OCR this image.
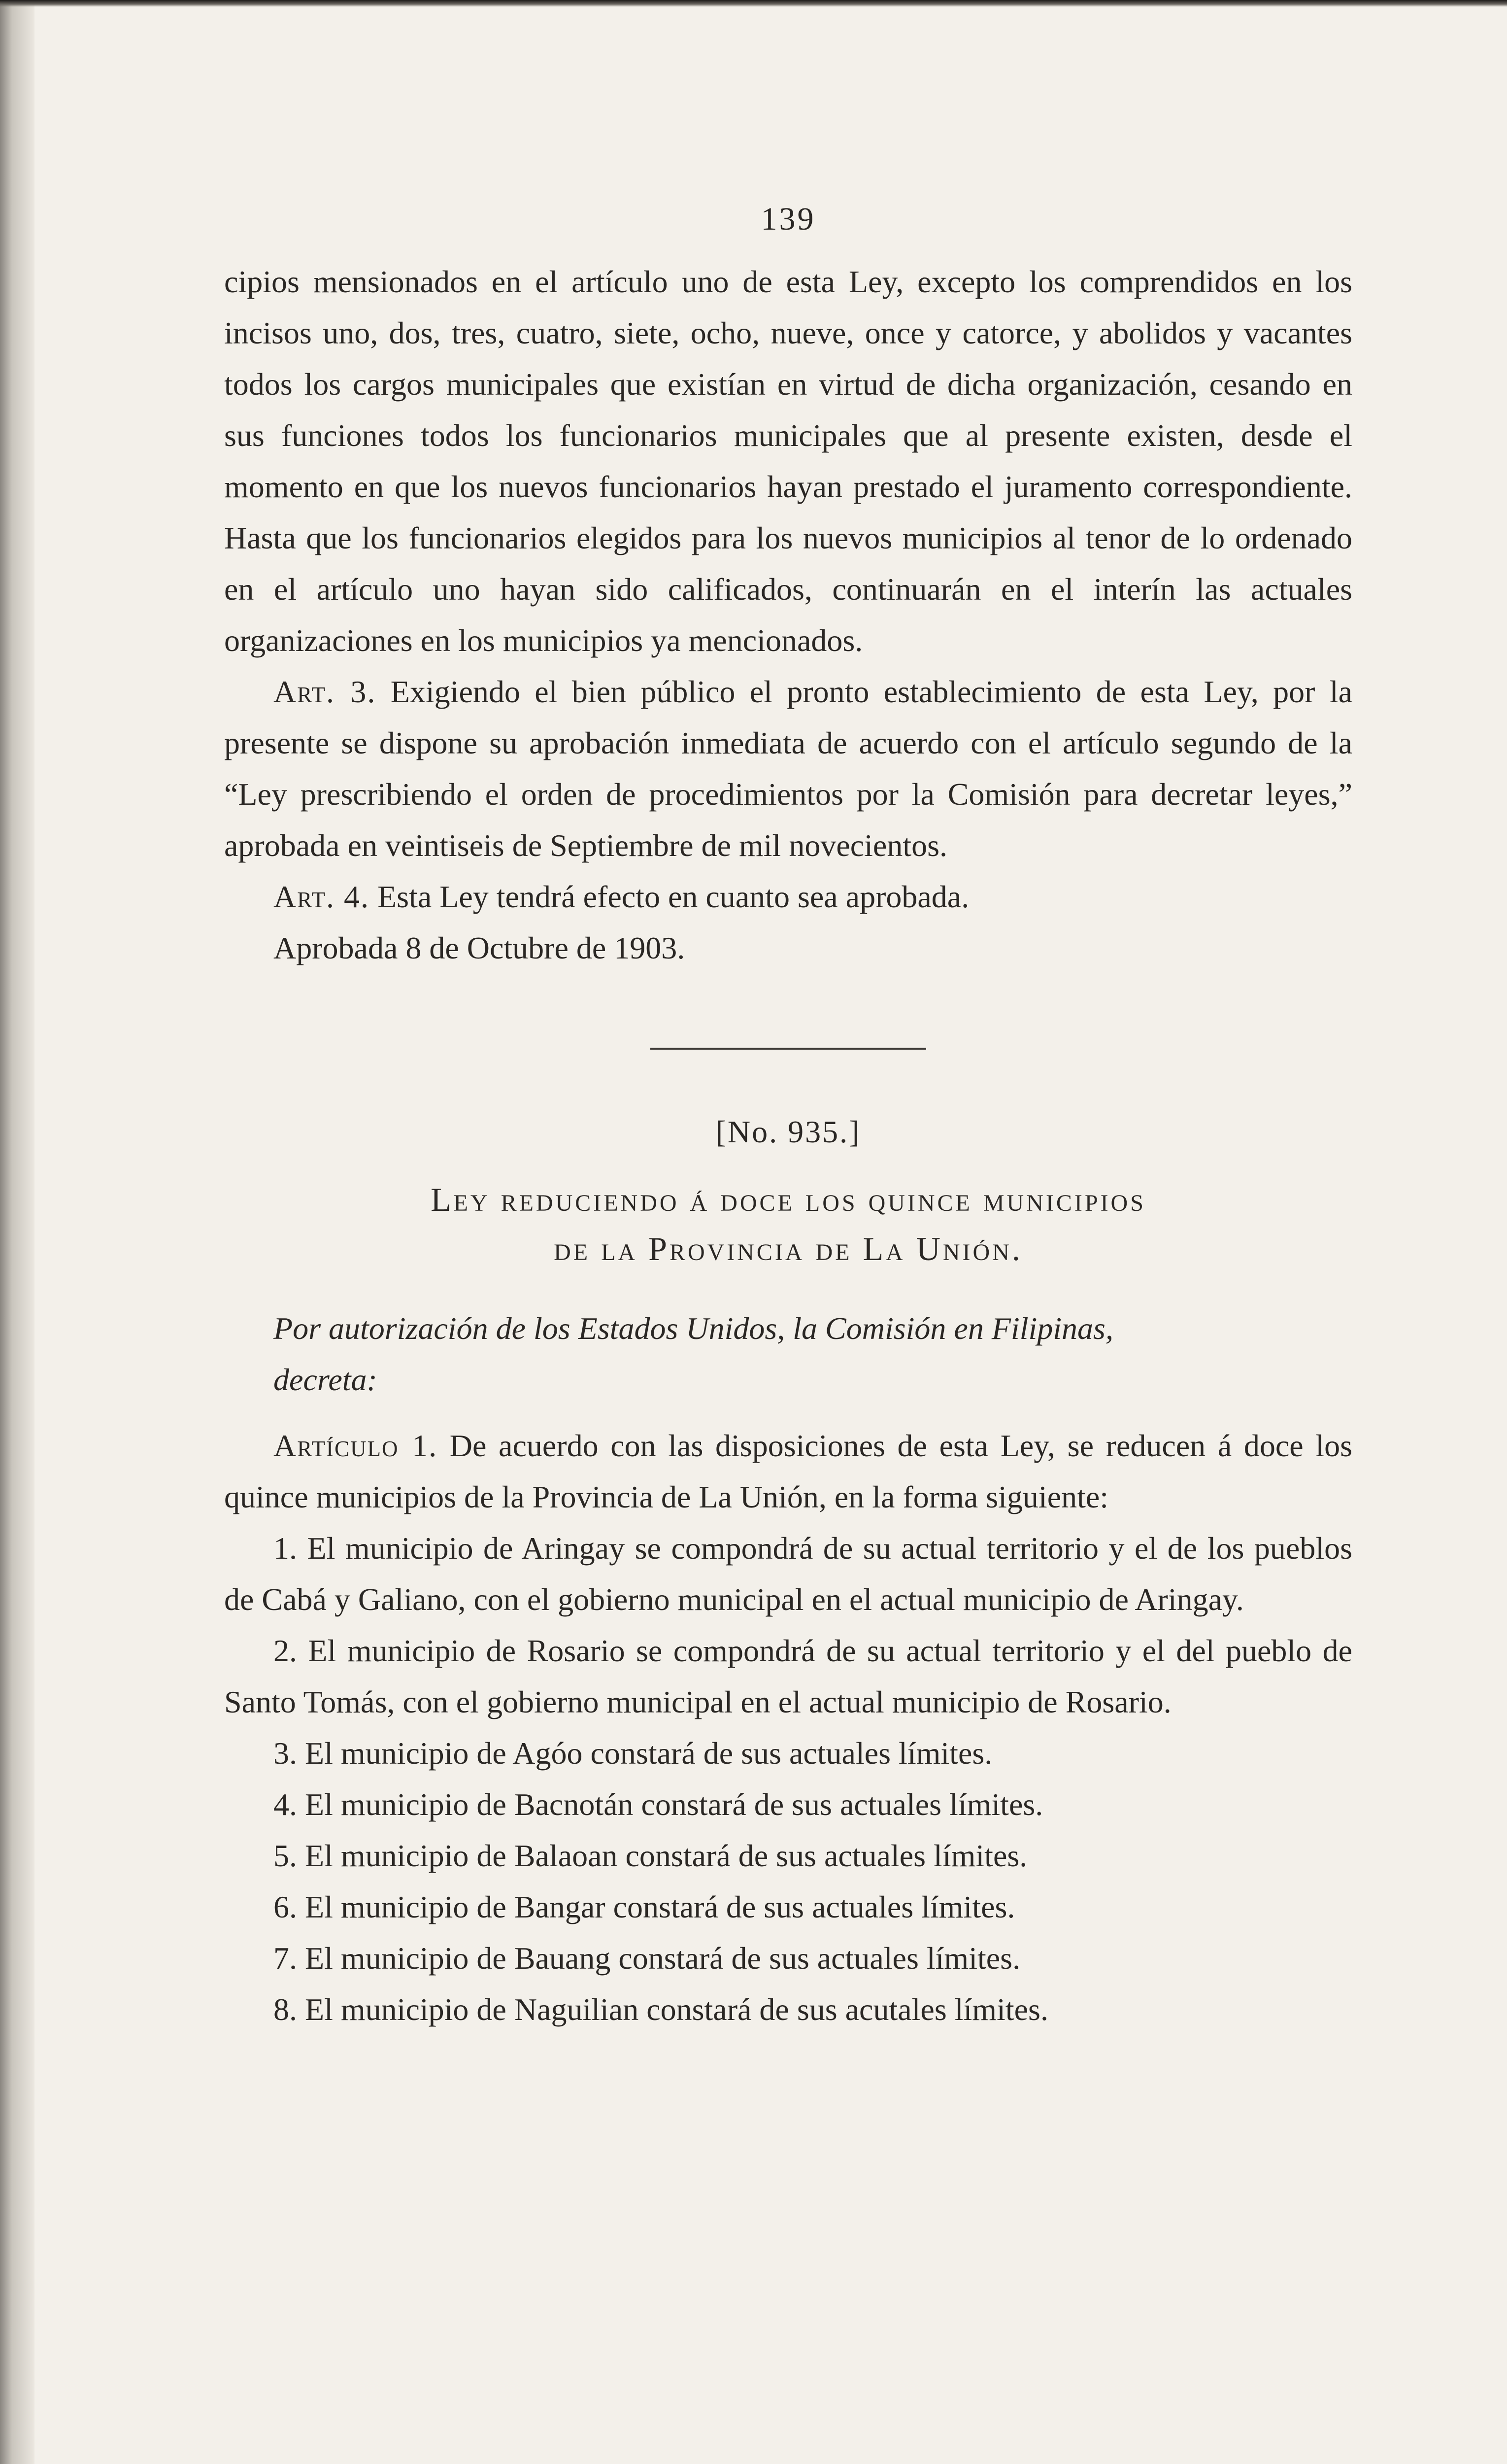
139

cipios mensionados en el artículo uno de esta Ley, excepto los comprendidos en los incisos uno, dos, tres, cuatro, siete, ocho, nueve, once y catorce, y abolidos y vacantes todos los cargos municipales que existían en virtud de dicha organización, cesando en sus funciones todos los funcionarios municipales que al presente existen, desde el momento en que los nuevos funcionarios hayan prestado el juramento correspondiente. Hasta que los funcionarios elegidos para los nuevos municipios al tenor de lo ordenado en el artículo uno hayan sido calificados, continuarán en el interín las actuales organizaciones en los municipios ya mencionados.

Art. 3. Exigiendo el bien público el pronto establecimiento de esta Ley, por la presente se dispone su aprobación inmediata de acuerdo con el artículo segundo de la “Ley prescribiendo el orden de procedimientos por la Comisión para decretar leyes,” aprobada en veintiseis de Septiembre de mil novecientos.

Art. 4. Esta Ley tendrá efecto en cuanto sea aprobada.

Aprobada 8 de Octubre de 1903.

[No. 935.]
Ley reduciendo á doce los quince municipios
de la Provincia de La Unión.
Por autorización de los Estados Unidos, la Comisión en Filipinas,
decreta:

Artículo 1. De acuerdo con las disposiciones de esta Ley, se reducen á doce los quince municipios de la Provincia de La Unión, en la forma siguiente:

1. El municipio de Aringay se compondrá de su actual territorio y el de los pueblos de Cabá y Galiano, con el gobierno municipal en el actual municipio de Aringay.

2. El municipio de Rosario se compondrá de su actual territorio y el del pueblo de Santo Tomás, con el gobierno municipal en el actual municipio de Rosario.

3. El municipio de Agóo constará de sus actuales límites.

4. El municipio de Bacnotán constará de sus actuales límites.

5. El municipio de Balaoan constará de sus actuales límites.

6. El municipio de Bangar constará de sus actuales límites.

7. El municipio de Bauang constará de sus actuales límites.

8. El municipio de Naguilian constará de sus acutales límites.
